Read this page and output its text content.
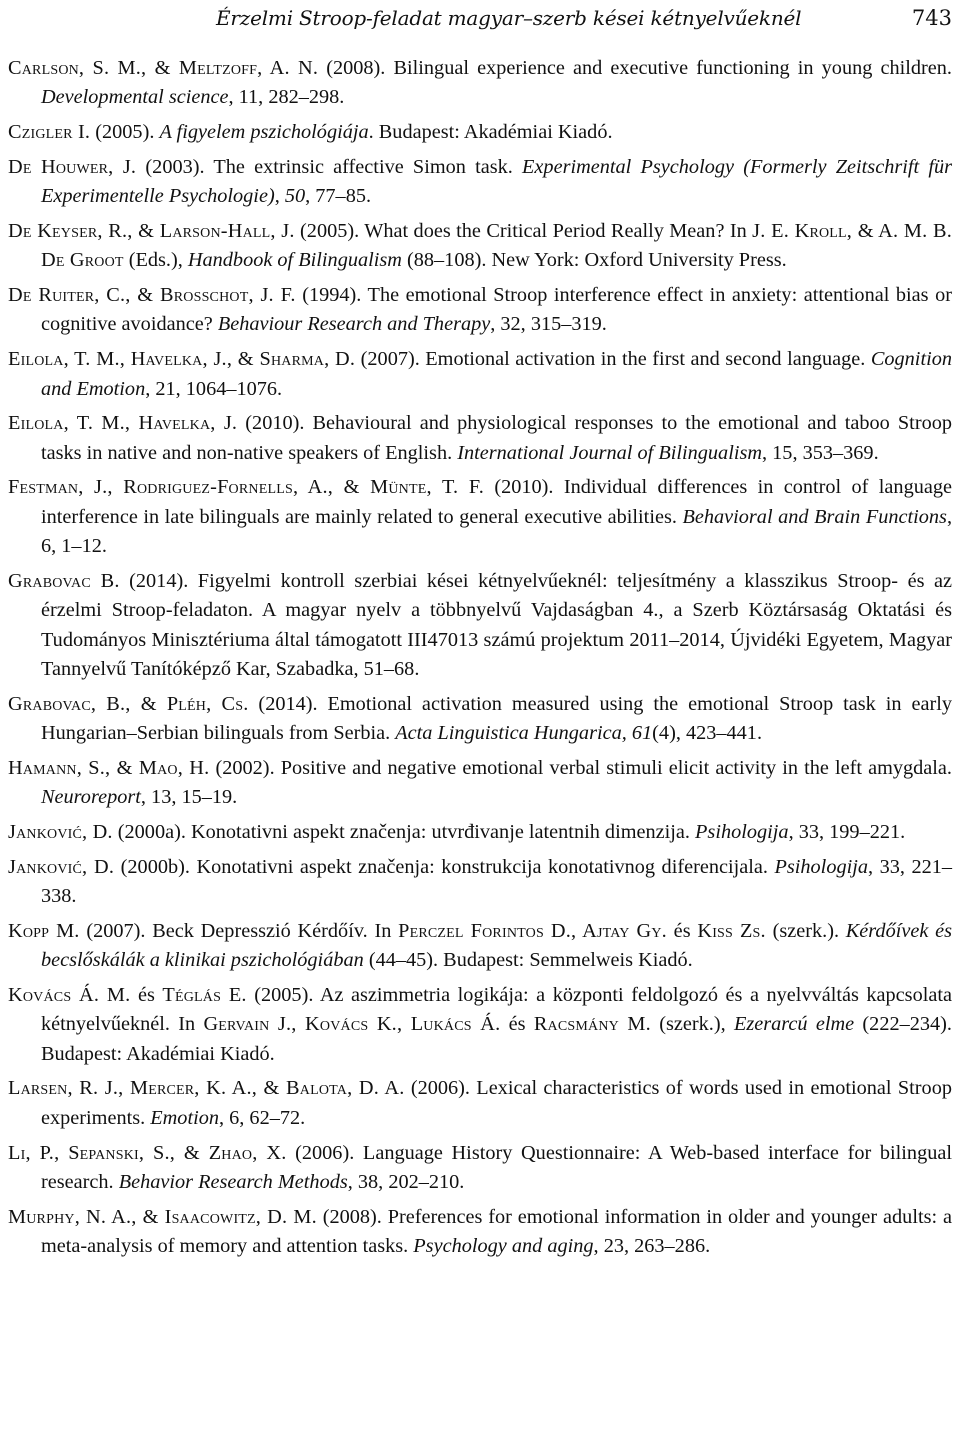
Érzelmi Stroop-feladat magyar–szerb kései kétnyelvűeknél	743

Carlson, S. M., & Meltzoff, A. N. (2008). Bilingual experience and executive functioning in young children. Developmental science, 11, 282–298.

Czigler I. (2005). A figyelem pszichológiája. Budapest: Akadémiai Kiadó.

De Houwer, J. (2003). The extrinsic affective Simon task. Experimental Psychology (Formerly Zeitschrift für Experimentelle Psychologie), 50, 77–85.

De Keyser, R., & Larson-Hall, J. (2005). What does the Critical Period Really Mean? In J. E. Kroll, & A. M. B. De Groot (Eds.), Handbook of Bilingualism (88–108). New York: Oxford University Press.

De Ruiter, C., & Brosschot, J. F. (1994). The emotional Stroop interference effect in anxiety: attentional bias or cognitive avoidance? Behaviour Research and Therapy, 32, 315–319.

Eilola, T. M., Havelka, J., & Sharma, D. (2007). Emotional activation in the first and second language. Cognition and Emotion, 21, 1064–1076.

Eilola, T. M., Havelka, J. (2010). Behavioural and physiological responses to the emotional and taboo Stroop tasks in native and non-native speakers of English. International Journal of Bilingualism, 15, 353–369.

Festman, J., Rodriguez-Fornells, A., & Münte, T. F. (2010). Individual differences in control of language interference in late bilinguals are mainly related to general executive abilities. Behavioral and Brain Functions, 6, 1–12.

Grabovac B. (2014). Figyelmi kontroll szerbiai kései kétnyelvűeknél: teljesítmény a klasszikus Stroop- és az érzelmi Stroop-feladaton. A magyar nyelv a többnyelvű Vajdaságban 4., a Szerb Köztársaság Oktatási és Tudományos Minisztériuma által támogatott III47013 számú projektum 2011–2014, Újvidéki Egyetem, Magyar Tannyelvű Tanítóképző Kar, Szabadka, 51–68.

Grabovac, B., & Pléh, Cs. (2014). Emotional activation measured using the emotional Stroop task in early Hungarian–Serbian bilinguals from Serbia. Acta Linguistica Hungarica, 61(4), 423–441.

Hamann, S., & Mao, H. (2002). Positive and negative emotional verbal stimuli elicit activity in the left amygdala. Neuroreport, 13, 15–19.

Janković, D. (2000a). Konotativni aspekt značenja: utvrđivanje latentnih dimenzija. Psihologija, 33, 199–221.

Janković, D. (2000b). Konotativni aspekt značenja: konstrukcija konotativnog diferencijala. Psihologija, 33, 221–338.

Kopp M. (2007). Beck Depresszió Kérdőív. In Perczel Forintos D., Ajtay Gy. és Kiss Zs. (szerk.). Kérdőívek és becslőskálák a klinikai pszichológiában (44–45). Budapest: Semmelweis Kiadó.

Kovács Á. M. és Téglás E. (2005). Az aszimmetria logikája: a központi feldolgozó és a nyelvváltás kapcsolata kétnyelvűeknél. In Gervain J., Kovács K., Lukács Á. és Racsmány M. (szerk.), Ezerarcú elme (222–234). Budapest: Akadémiai Kiadó.

Larsen, R. J., Mercer, K. A., & Balota, D. A. (2006). Lexical characteristics of words used in emotional Stroop experiments. Emotion, 6, 62–72.

Li, P., Sepanski, S., & Zhao, X. (2006). Language History Questionnaire: A Web-based interface for bilingual research. Behavior Research Methods, 38, 202–210.

Murphy, N. A., & Isaacowitz, D. M. (2008). Preferences for emotional information in older and younger adults: a meta-analysis of memory and attention tasks. Psychology and aging, 23, 263–286.
